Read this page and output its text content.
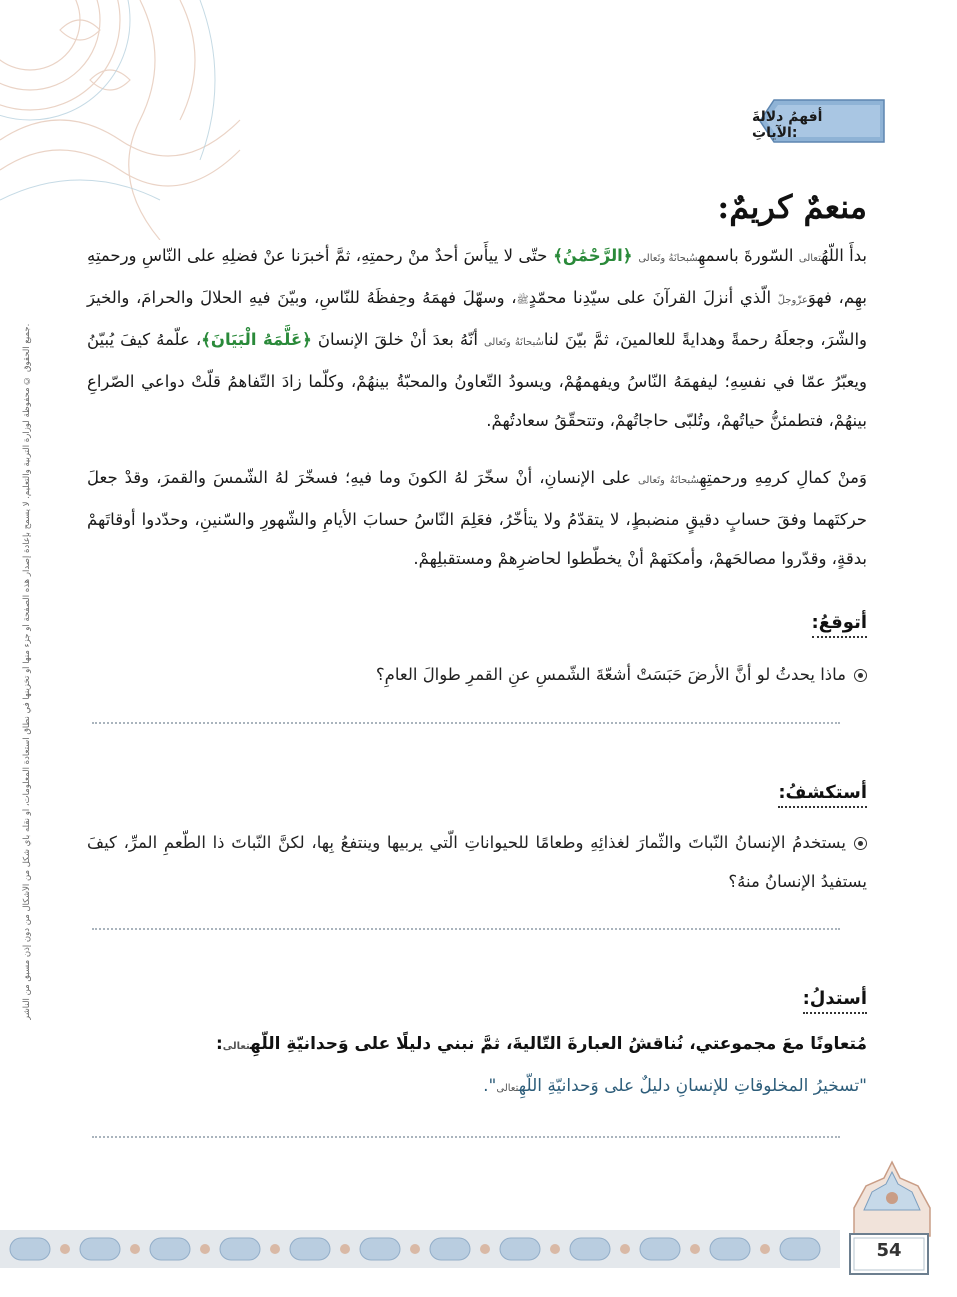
جميع الحقوق © محفوظة لوزارة التربية والتعليم. لا يسمح بإعادة إصدار هذه الصفحة أو جزء منها أو تخزينها في نطاق استعادة المعلومات، أو نقله بأي شكل من الأشكال من دون إذن مسبق من الناشر.
أفهمُ دلالةَ الآياتِ:
منعمٌ كريمٌ:
بدأَ اللّهُتعالى السّورةَ باسمهِسُبحانَهُ وتَعالى ﴿الرَّحْمَٰنُ﴾ حتّى لا ييأَسَ أحدٌ منْ رحمتِهِ، ثمَّ أخبرَنا عنْ فضلِهِ على النّاسِ ورحمتِهِ بهِم، فهوَعزّوجلّ الّذي أنزلَ القرآنَ على سيّدِنا محمّدٍﷺ، وسهّلَ فهمَهُ وحِفظَهُ للنّاسِ، وبيّنَ فيهِ الحلالَ والحرامَ، والخيرَ والشّرَ، وجعلَهُ رحمةً وهدايةً للعالمينَ، ثمَّ بيّنَ لناسُبحانَهُ وتَعالى أنّهُ بعدَ أنْ خلقَ الإنسانَ ﴿عَلَّمَهُ الْبَيَانَ﴾، علّمهُ كيفَ يُبيّنُ ويعبّرُ عمّا في نفسِهِ؛ ليفهمَهُ النّاسُ ويفهمهُمْ، ويسودُ التّعاونُ والمحبّةُ بينهُمْ، وكلّما زادَ التّفاهمُ قلّتْ دواعي الصّراعِ بينهُمْ، فتطمئنُّ حياتُهمْ، وتُلبّى حاجاتُهمْ، وتتحقّقُ سعادتُهمْ.
وَمنْ كمالِ كرمِهِ ورحمتِهِسُبحانَهُ وتَعالى على الإنسانِ، أنْ سخّرَ لهُ الكونَ وما فيهِ؛ فسخّرَ لهُ الشّمسَ والقمرَ، وقدْ جعلَ حركتَهما وفقَ حسابٍ دقيقٍ منضبطٍ، لا يتقدّمُ ولا يتأخّرُ، فعَلِمَ النّاسُ حسابَ الأيامِ والشّهورِ والسّنينِ، وحدّدوا أوقاتَهمْ بدقةٍ، وقدّروا مصالحَهمْ، وأمكنَهمْ أنْ يخطّطوا لحاضرِهمْ ومستقبلِهمْ.
أتوقعُ:
ماذا يحدثُ لو أنَّ الأرضَ حَبَسَتْ أشعّةَ الشّمسِ عنِ القمرِ طوالَ العامِ؟
أستكشفُ:
يستخدمُ الإنسانُ النّباتَ والثّمارَ لغذائِهِ وطعامًا للحيواناتِ الّتي يربيها وينتفعُ بِها، لكنَّ النّباتَ ذا الطّعمِ المرِّ، كيفَ يستفيدُ الإنسانُ منهُ؟
أستدلُ:
مُتعاونًا معَ مجموعتي، نُناقشُ العبارةَ التّاليةَ، ثمَّ نبني دليلًا على وَحدانيّةِ اللّهِتعالى:
"تسخيرُ المخلوقاتِ للإنسانِ دليلٌ على وَحدانيّةِ اللّهِتعالى".
54
